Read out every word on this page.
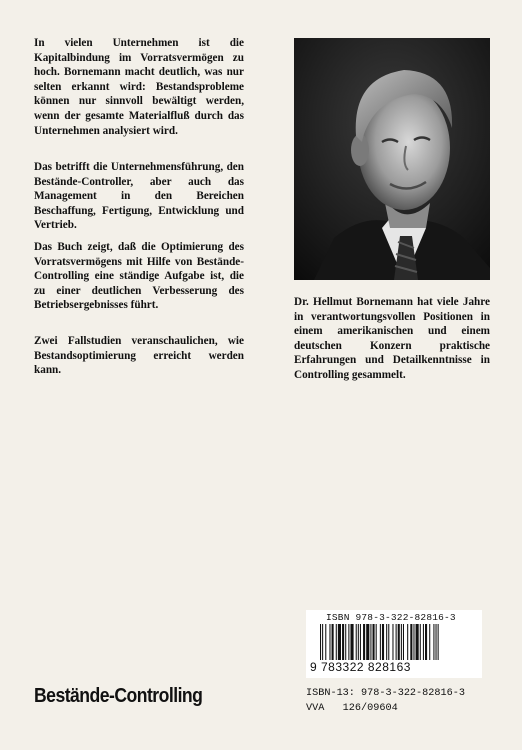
In vielen Unternehmen ist die Kapitalbindung im Vorratsvermögen zu hoch. Bornemann macht deutlich, was nur selten erkannt wird: Bestandsprobleme können nur sinnvoll bewältigt werden, wenn der gesamte Materialfluß durch das Unternehmen analysiert wird.

Das betrifft die Unternehmensführung, den Bestände-Controller, aber auch das Management in den Bereichen Beschaffung, Fertigung, Entwicklung und Vertrieb.

Das Buch zeigt, daß die Optimierung des Vorratsvermögens mit Hilfe von Bestände-Controlling eine ständige Aufgabe ist, die zu einer deutlichen Verbesserung des Betriebsergebnisses führt.

Zwei Fallstudien veranschaulichen, wie Bestandsoptimierung erreicht werden kann.

Dr. Hellmut Bornemann hat viele Jahre in verantwortungsvollen Positionen in einem amerikanischen und einem deutschen Konzern praktische Erfahrungen und Detailkenntnisse in Controlling gesammelt.

ISBN 978-3-322-82816-3
9 783322 828163
Bestände-Controlling	ISBN-13: 978-3-322-82816-3
VVA   126/09604
